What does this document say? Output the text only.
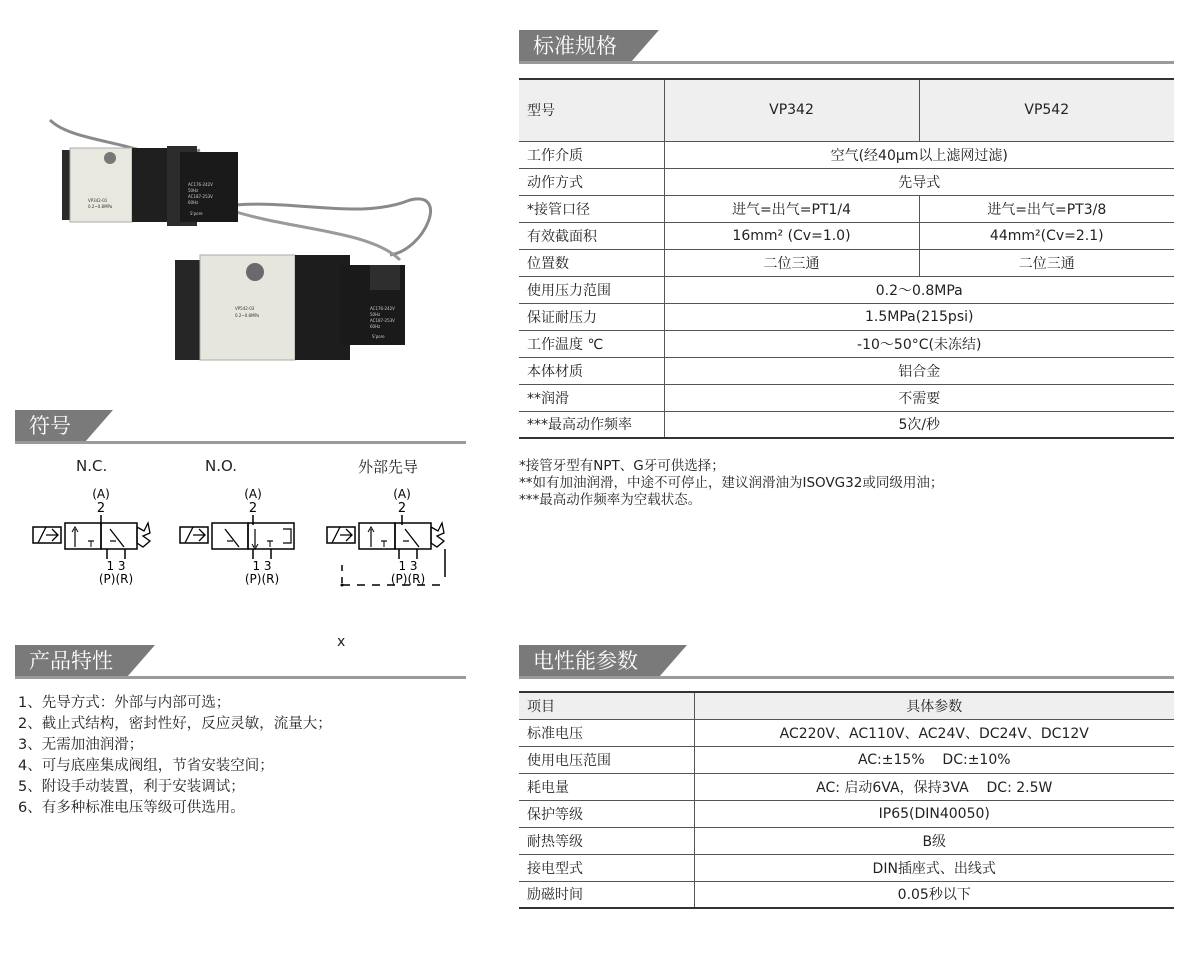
VP342-01
0.2~0.8MPa
AC176-242V
50Hz
AC187-253V
60Hz
S'pore
VP542-03
0.2~0.8MPa
AC176-242V
50Hz
AC187-253V
60Hz
S'pore
符号
N.C.
(A)
2
1 3
(P)(R)
N.O.
(A)
2
1 3
(P)(R)
外部先导
(A)
2
1 3
(P)(R)
x
产品特性
1、先导方式：外部与内部可选；
2、截止式结构，密封性好，反应灵敏，流量大；
3、无需加油润滑；
4、可与底座集成阀组，节省安装空间；
5、附设手动装置，利于安装调试；
6、有多种标准电压等级可供选用。
标准规格
型号	VP342	VP542
工作介质	空气(经40μm以上滤网过滤)	
动作方式	先导式	
*接管口径	进气=出气=PT1/4	进气=出气=PT3/8
有效截面积	16mm² (Cv=1.0)	44mm²(Cv=2.1)
位置数	二位三通	二位三通
使用压力范围	0.2～0.8MPa	
保证耐压力	1.5MPa(215psi)	
工作温度 ℃	-10～50°C(未冻结)	
本体材质	铝合金	
**润滑	不需要	
***最高动作频率	5次/秒	
*接管牙型有NPT、G牙可供选择；
**如有加油润滑，中途不可停止，建议润滑油为ISOVG32或同级用油；
***最高动作频率为空载状态。
电性能参数
项目	具体参数
标准电压	AC220V、AC110V、AC24V、DC24V、DC12V
使用电压范围	AC:±15%    DC:±10%
耗电量	AC: 启动6VA，保持3VA    DC: 2.5W
保护等级	IP65(DIN40050)
耐热等级	B级
接电型式	DIN插座式、出线式
励磁时间	0.05秒以下
